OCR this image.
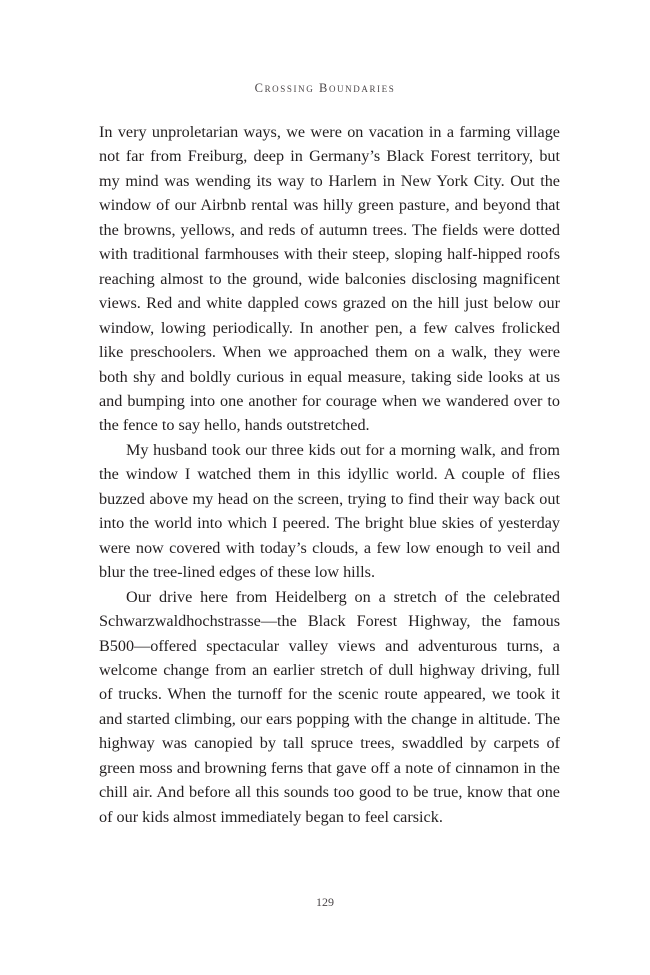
Crossing Boundaries

In very unproletarian ways, we were on vacation in a farming village not far from Freiburg, deep in Germany’s Black Forest territory, but my mind was wending its way to Harlem in New York City. Out the window of our Airbnb rental was hilly green pasture, and beyond that the browns, yellows, and reds of autumn trees. The fields were dotted with traditional farmhouses with their steep, sloping half-hipped roofs reaching almost to the ground, wide balconies disclosing magnificent views. Red and white dappled cows grazed on the hill just below our window, lowing periodically. In another pen, a few calves frolicked like preschoolers. When we approached them on a walk, they were both shy and boldly curious in equal measure, taking side looks at us and bumping into one another for courage when we wandered over to the fence to say hello, hands outstretched.

My husband took our three kids out for a morning walk, and from the window I watched them in this idyllic world. A couple of flies buzzed above my head on the screen, trying to find their way back out into the world into which I peered. The bright blue skies of yesterday were now covered with today’s clouds, a few low enough to veil and blur the tree-lined edges of these low hills.

Our drive here from Heidelberg on a stretch of the celebrated Schwarzwaldhochstrasse—the Black Forest Highway, the famous B500—offered spectacular valley views and adventurous turns, a welcome change from an earlier stretch of dull highway driving, full of trucks. When the turnoff for the scenic route appeared, we took it and started climbing, our ears popping with the change in altitude. The highway was canopied by tall spruce trees, swaddled by carpets of green moss and browning ferns that gave off a note of cinnamon in the chill air. And before all this sounds too good to be true, know that one of our kids almost immediately began to feel carsick.

129
